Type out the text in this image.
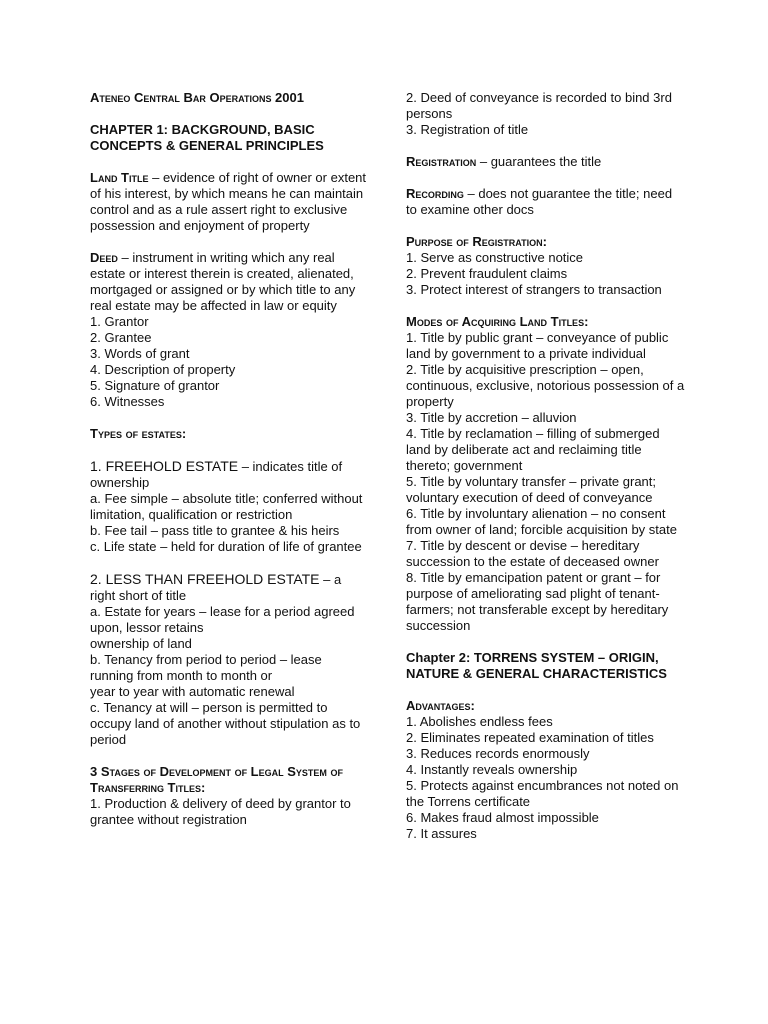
Ateneo Central Bar Operations 2001
CHAPTER 1: BACKGROUND, BASIC CONCEPTS & GENERAL PRINCIPLES
Land Title – evidence of right of owner or extent of his interest, by which means he can maintain control and as a rule assert right to exclusive possession and enjoyment of property
Deed – instrument in writing which any real estate or interest therein is created, alienated, mortgaged or assigned or by which title to any real estate may be affected in law or equity
1. Grantor
2. Grantee
3. Words of grant
4. Description of property
5. Signature of grantor
6. Witnesses
Types of estates:
1. FREEHOLD ESTATE – indicates title of ownership
a. Fee simple – absolute title; conferred without limitation, qualification or restriction
b. Fee tail – pass title to grantee & his heirs
c. Life state – held for duration of life of grantee
2. LESS THAN FREEHOLD ESTATE – a right short of title
a. Estate for years – lease for a period agreed upon, lessor retains
ownership of land
b. Tenancy from period to period – lease running from month to month or
year to year with automatic renewal
c. Tenancy at will – person is permitted to occupy land of another without stipulation as to period
3 Stages of Development of Legal System of Transferring Titles:
1. Production & delivery of deed by grantor to grantee without registration
2. Deed of conveyance is recorded to bind 3rd persons
3. Registration of title
Registration – guarantees the title
Recording – does not guarantee the title; need to examine other docs
Purpose of Registration:
1. Serve as constructive notice
2. Prevent fraudulent claims
3. Protect interest of strangers to transaction
Modes of Acquiring Land Titles:
1. Title by public grant – conveyance of public land by government to a private individual
2. Title by acquisitive prescription – open, continuous, exclusive, notorious possession of a property
3. Title by accretion – alluvion
4. Title by reclamation – filling of submerged land by deliberate act and reclaiming title thereto; government
5. Title by voluntary transfer – private grant; voluntary execution of deed of conveyance
6. Title by involuntary alienation – no consent from owner of land; forcible acquisition by state
7. Title by descent or devise – hereditary succession to the estate of deceased owner
8. Title by emancipation patent or grant – for purpose of ameliorating sad plight of tenant-farmers; not transferable except by hereditary succession
Chapter 2: TORRENS SYSTEM – ORIGIN, NATURE & GENERAL CHARACTERISTICS
Advantages:
1. Abolishes endless fees
2. Eliminates repeated examination of titles
3. Reduces records enormously
4. Instantly reveals ownership
5. Protects against encumbrances not noted on the Torrens certificate
6. Makes fraud almost impossible
7. It assures
